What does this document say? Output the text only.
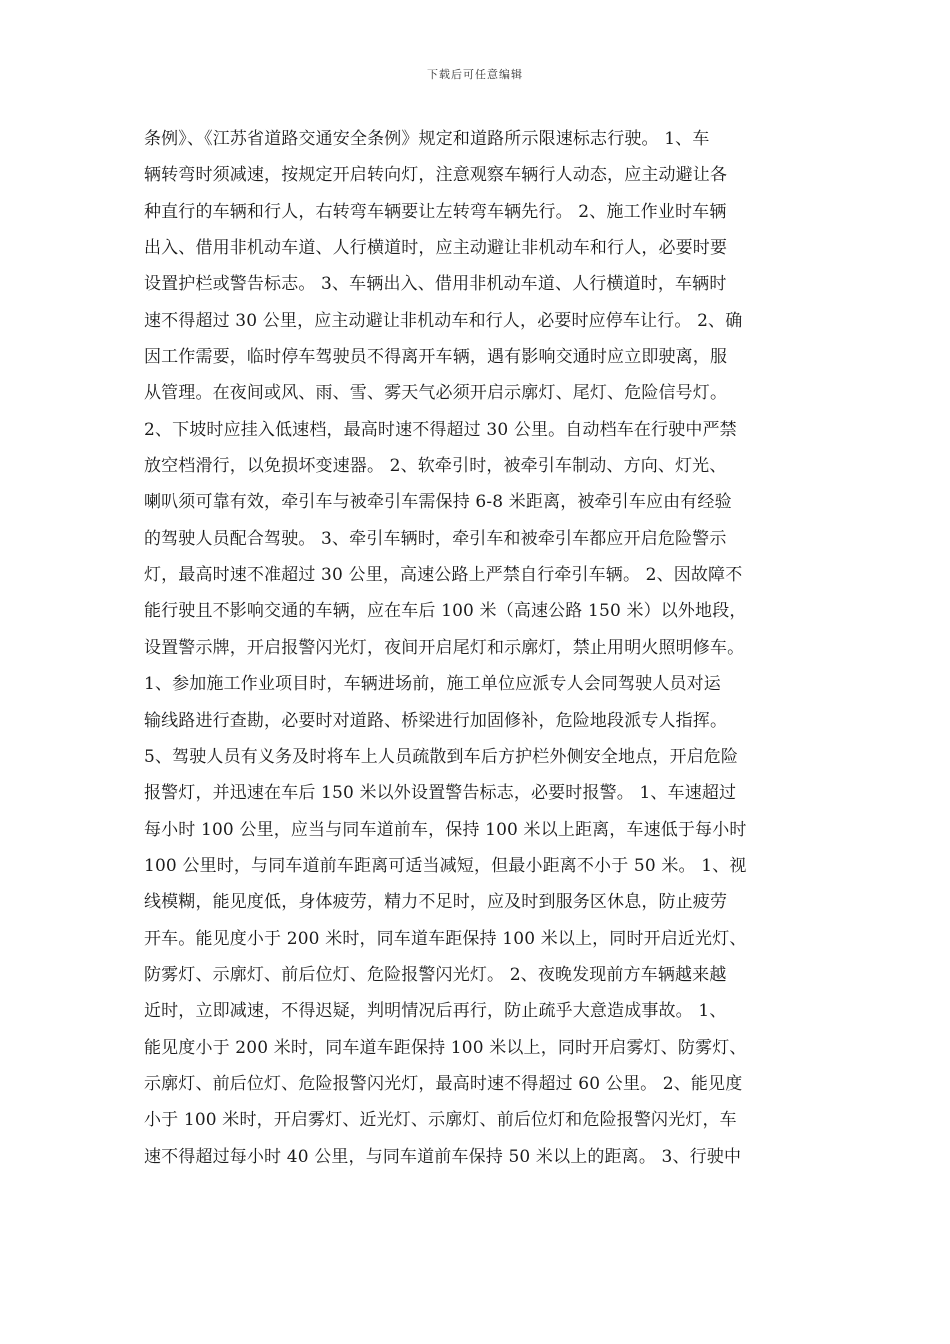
下载后可任意编辑
条例》、《江苏省道路交通安全条例》规定和道路所示限速标志行驶。 1、车
辆转弯时须减速，按规定开启转向灯，注意观察车辆行人动态，应主动避让各
种直行的车辆和行人，右转弯车辆要让左转弯车辆先行。 2、施工作业时车辆
出入、借用非机动车道、人行横道时，应主动避让非机动车和行人，必要时要
设置护栏或警告标志。 3、车辆出入、借用非机动车道、人行横道时，车辆时
速不得超过 30 公里，应主动避让非机动车和行人，必要时应停车让行。 2、确
因工作需要，临时停车驾驶员不得离开车辆，遇有影响交通时应立即驶离，服
从管理。在夜间或风、雨、雪、雾天气必须开启示廓灯、尾灯、危险信号灯。
2、下坡时应挂入低速档，最高时速不得超过 30 公里。自动档车在行驶中严禁
放空档滑行，以免损坏变速器。 2、软牵引时，被牵引车制动、方向、灯光、
喇叭须可靠有效，牵引车与被牵引车需保持 6-8 米距离，被牵引车应由有经验
的驾驶人员配合驾驶。 3、牵引车辆时，牵引车和被牵引车都应开启危险警示
灯，最高时速不准超过 30 公里，高速公路上严禁自行牵引车辆。 2、因故障不
能行驶且不影响交通的车辆，应在车后 100 米（高速公路 150 米）以外地段，
设置警示牌，开启报警闪光灯，夜间开启尾灯和示廓灯，禁止用明火照明修车。
1、参加施工作业项目时，车辆进场前，施工单位应派专人会同驾驶人员对运
输线路进行查勘，必要时对道路、桥梁进行加固修补，危险地段派专人指挥。
5、驾驶人员有义务及时将车上人员疏散到车后方护栏外侧安全地点，开启危险
报警灯，并迅速在车后 150 米以外设置警告标志，必要时报警。 1、车速超过
每小时 100 公里，应当与同车道前车，保持 100 米以上距离，车速低于每小时
100 公里时，与同车道前车距离可适当减短，但最小距离不小于 50 米。 1、视
线模糊，能见度低，身体疲劳，精力不足时，应及时到服务区休息，防止疲劳
开车。能见度小于 200 米时，同车道车距保持 100 米以上，同时开启近光灯、
防雾灯、示廓灯、前后位灯、危险报警闪光灯。 2、夜晚发现前方车辆越来越
近时，立即减速，不得迟疑，判明情况后再行，防止疏乎大意造成事故。 1、
能见度小于 200 米时，同车道车距保持 100 米以上，同时开启雾灯、防雾灯、
示廓灯、前后位灯、危险报警闪光灯，最高时速不得超过 60 公里。 2、能见度
小于 100 米时，开启雾灯、近光灯、示廓灯、前后位灯和危险报警闪光灯，车
速不得超过每小时 40 公里，与同车道前车保持 50 米以上的距离。 3、行驶中
